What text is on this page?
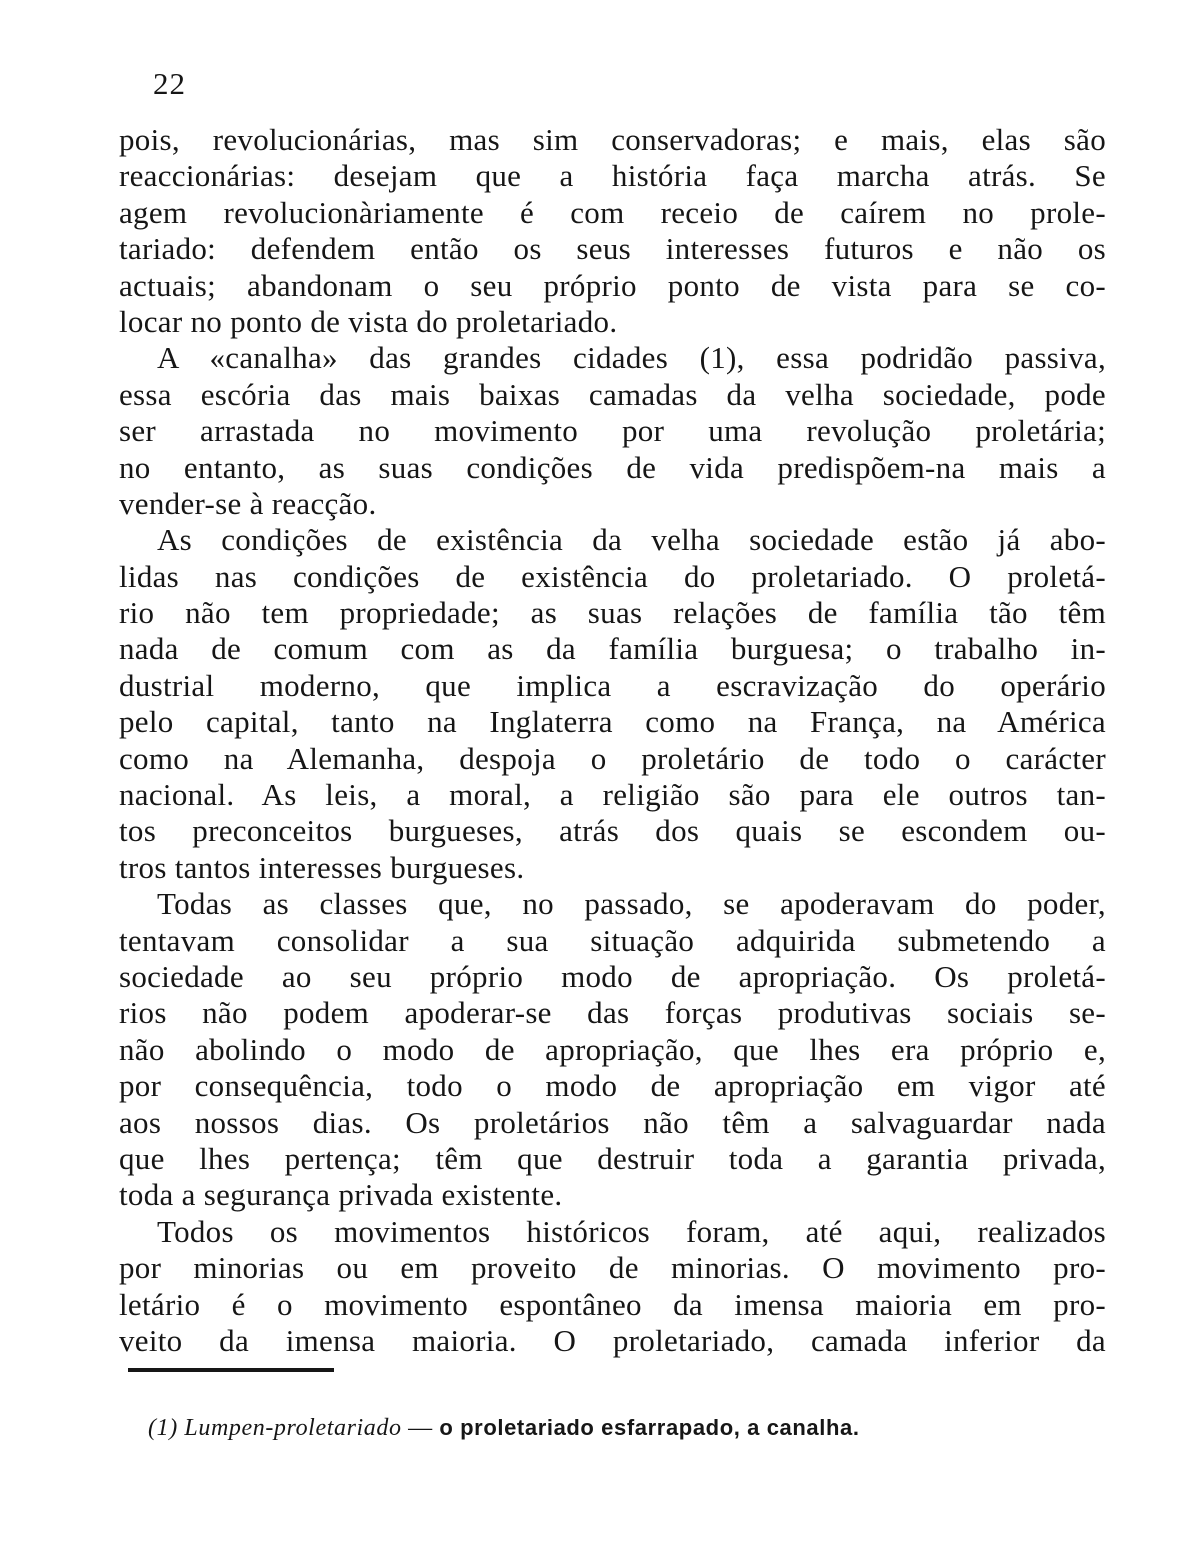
22
pois, revolucionárias, mas sim conservadoras; e mais, elas são
reaccionárias: desejam que a história faça marcha atrás. Se
agem revolucionàriamente é com receio de caírem no prole-
tariado: defendem então os seus interesses futuros e não os
actuais; abandonam o seu próprio ponto de vista para se co-
locar no ponto de vista do proletariado.
A «canalha» das grandes cidades (1), essa podridão passiva,
essa escória das mais baixas camadas da velha sociedade, pode
ser arrastada no movimento por uma revolução proletária;
no entanto, as suas condições de vida predispõem-na mais a
vender-se à reacção.
As condições de existência da velha sociedade estão já abo-
lidas nas condições de existência do proletariado. O proletá-
rio não tem propriedade; as suas relações de família tão têm
nada de comum com as da família burguesa; o trabalho in-
dustrial moderno, que implica a escravização do operário
pelo capital, tanto na Inglaterra como na França, na América
como na Alemanha, despoja o proletário de todo o carácter
nacional. As leis, a moral, a religião são para ele outros tan-
tos preconceitos burgueses, atrás dos quais se escondem ou-
tros tantos interesses burgueses.
Todas as classes que, no passado, se apoderavam do poder,
tentavam consolidar a sua situação adquirida submetendo a
sociedade ao seu próprio modo de apropriação. Os proletá-
rios não podem apoderar-se das forças produtivas sociais se-
não abolindo o modo de apropriação, que lhes era próprio e,
por consequência, todo o modo de apropriação em vigor até
aos nossos dias. Os proletários não têm a salvaguardar nada
que lhes pertença; têm que destruir toda a garantia privada,
toda a segurança privada existente.
Todos os movimentos históricos foram, até aqui, realizados
por minorias ou em proveito de minorias. O movimento pro-
letário é o movimento espontâneo da imensa maioria em pro-
veito da imensa maioria. O proletariado, camada inferior da
(1) Lumpen-proletariado — o proletariado esfarrapado, a canalha.
